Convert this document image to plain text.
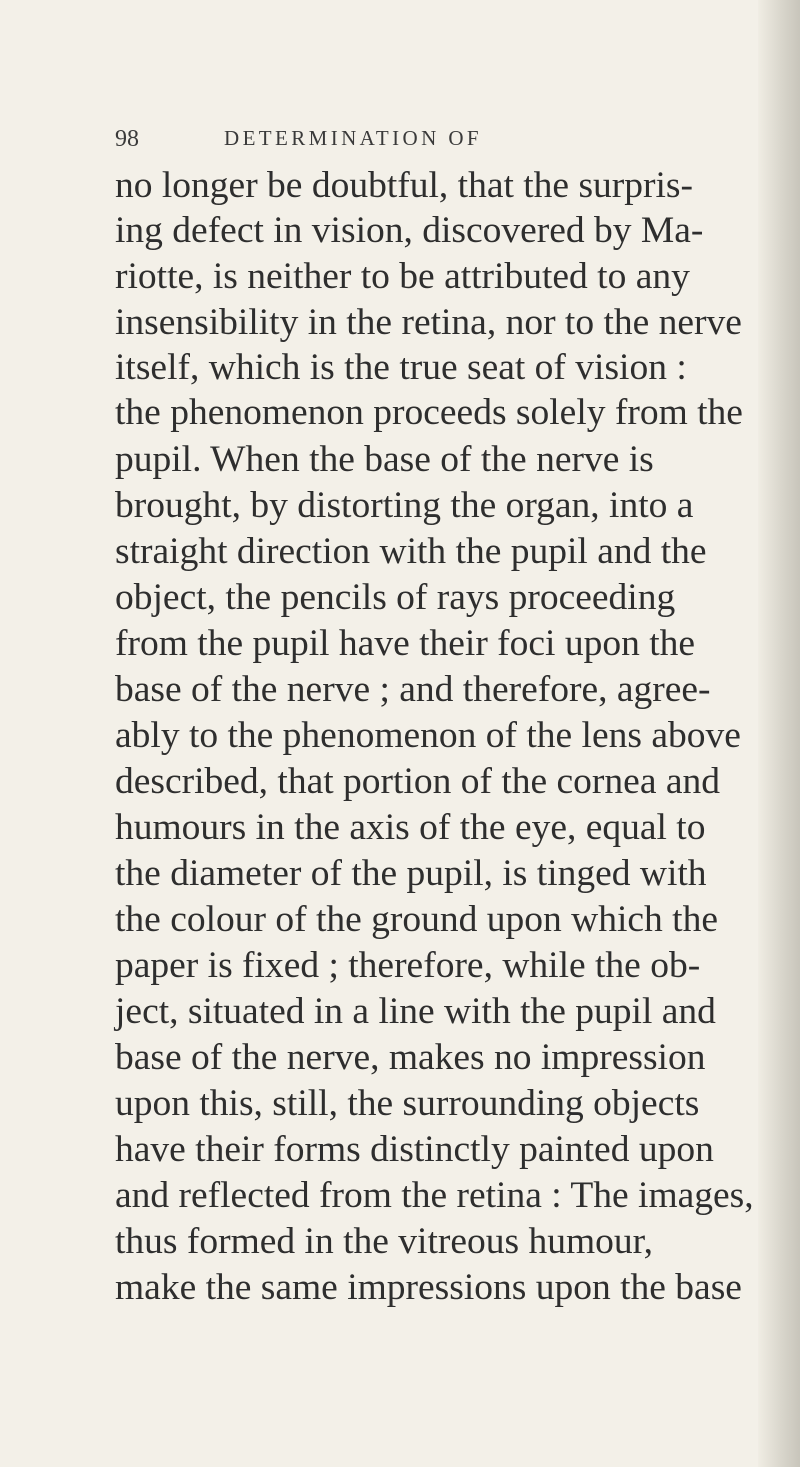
98	DETERMINATION OF
no longer be doubtful, that the surpris-
ing defect in vision, discovered by Ma-
riotte, is neither to be attributed to any
insensibility in the retina, nor to the nerve
itself, which is the true seat of vision :
the phenomenon proceeds solely from the
pupil. When the base of the nerve is
brought, by distorting the organ, into a
straight direction with the pupil and the
object, the pencils of rays proceeding
from the pupil have their foci upon the
base of the nerve ; and therefore, agree-
ably to the phenomenon of the lens above
described, that portion of the cornea and
humours in the axis of the eye, equal to
the diameter of the pupil, is tinged with
the colour of the ground upon which the
paper is fixed ; therefore, while the ob-
ject, situated in a line with the pupil and
base of the nerve, makes no impression
upon this, still, the surrounding objects
have their forms distinctly painted upon
and reflected from the retina : The images,
thus formed in the vitreous humour,
make the same impressions upon the base
